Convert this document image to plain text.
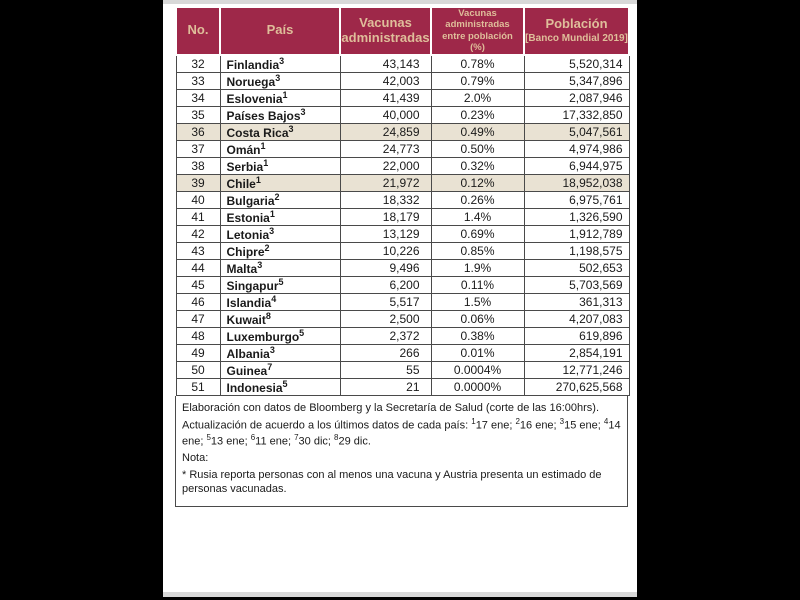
No.	País	Vacunas administradas	Vacunas administradas entre población (%)	Población
[Banco Mundial 2019]

32	Finlandia$^3$	43,143	0.78%	5,520,314
33	Noruega$^3$	42,003	0.79%	5,347,896
34	Eslovenia$^1$	41,439	2.0%	2,087,946
35	Países Bajos$^3$	40,000	0.23%	17,332,850
36	Costa Rica$^3$	24,859	0.49%	5,047,561
37	Omán$^1$	24,773	0.50%	4,974,986
38	Serbia$^1$	22,000	0.32%	6,944,975
39	Chile$^1$	21,972	0.12%	18,952,038
40	Bulgaria$^2$	18,332	0.26%	6,975,761
41	Estonia$^1$	18,179	1.4%	1,326,590
42	Letonia$^3$	13,129	0.69%	1,912,789
43	Chipre$^2$	10,226	0.85%	1,198,575
44	Malta$^3$	9,496	1.9%	502,653
45	Singapur$^5$	6,200	0.11%	5,703,569
46	Islandia$^4$	5,517	1.5%	361,313
47	Kuwait$^8$	2,500	0.06%	4,207,083
48	Luxemburgo$^5$	2,372	0.38%	619,896
49	Albania$^3$	266	0.01%	2,854,191
50	Guinea$^7$	55	0.0004%	12,771,246
51	Indonesia$^5$	21	0.0000%	270,625,568

Elaboración con datos de Bloomberg y la Secretaría de Salud (corte de las 16:00hrs).

Actualización de acuerdo a los últimos datos de cada país: $^1$17 ene; $^2$16 ene; $^3$15 ene; $^4$14 ene; $^5$13 ene; $^6$11 ene; $^7$30 dic; $^8$29 dic.

Nota:

* Rusia reporta personas con al menos una vacuna y Austria presenta un estimado de personas vacunadas.
